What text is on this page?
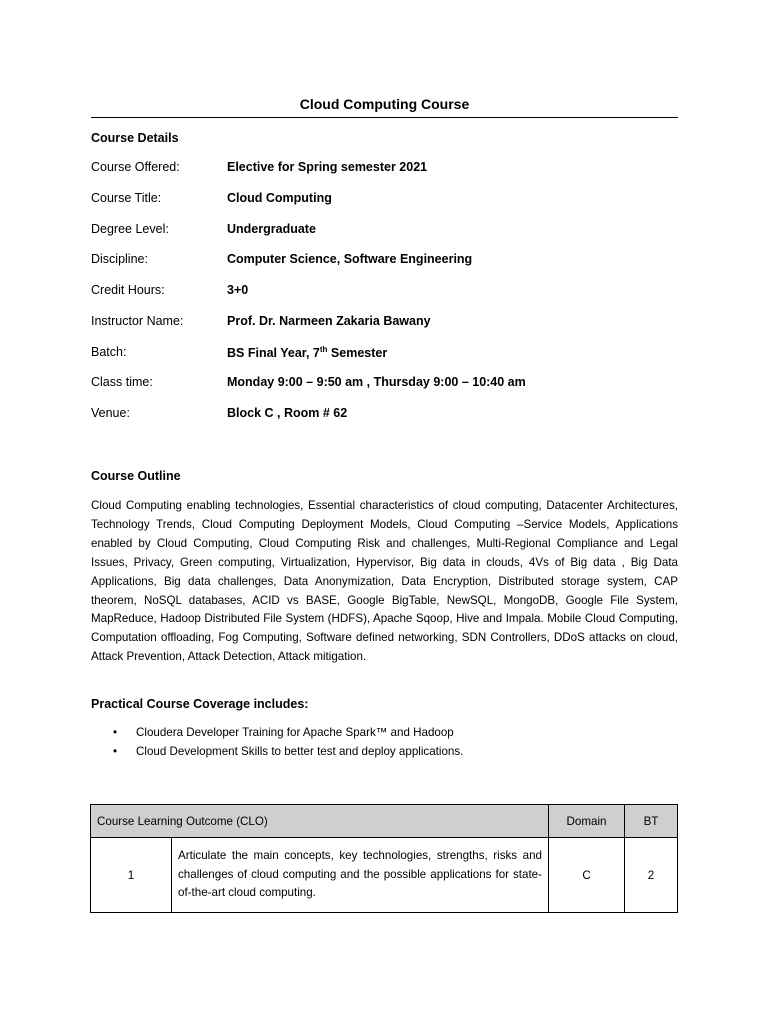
Cloud Computing Course
Course Details
Course Offered:	Elective for Spring semester 2021
Course Title:	Cloud Computing
Degree Level:	Undergraduate
Discipline:	Computer Science, Software Engineering
Credit Hours:	3+0
Instructor Name:	Prof. Dr. Narmeen Zakaria Bawany
Batch:	BS Final Year, 7th Semester
Class time:	Monday 9:00 – 9:50 am , Thursday 9:00 – 10:40 am
Venue:	Block C , Room # 62
Course Outline
Cloud Computing enabling technologies, Essential characteristics of cloud computing, Datacenter Architectures, Technology Trends, Cloud Computing Deployment Models, Cloud Computing –Service Models, Applications enabled by Cloud Computing, Cloud Computing Risk and challenges, Multi-Regional Compliance and Legal Issues, Privacy, Green computing, Virtualization, Hypervisor, Big data in clouds, 4Vs of Big data , Big Data Applications, Big data challenges, Data Anonymization, Data Encryption, Distributed storage system, CAP theorem, NoSQL databases, ACID vs BASE, Google BigTable, NewSQL, MongoDB, Google File System, MapReduce, Hadoop Distributed File System (HDFS), Apache Sqoop, Hive and Impala. Mobile Cloud Computing, Computation offloading, Fog Computing, Software defined networking, SDN Controllers, DDoS attacks on cloud, Attack Prevention, Attack Detection, Attack mitigation.
Practical Course Coverage includes:
• Cloudera Developer Training for Apache Spark™ and Hadoop
• Cloud Development Skills to better test and deploy applications.
Course Learning Outcome (CLO)		Domain	BT
1	Articulate the main concepts, key technologies, strengths, risks and challenges of cloud computing and the possible applications for state-of-the-art cloud computing.	C	2
